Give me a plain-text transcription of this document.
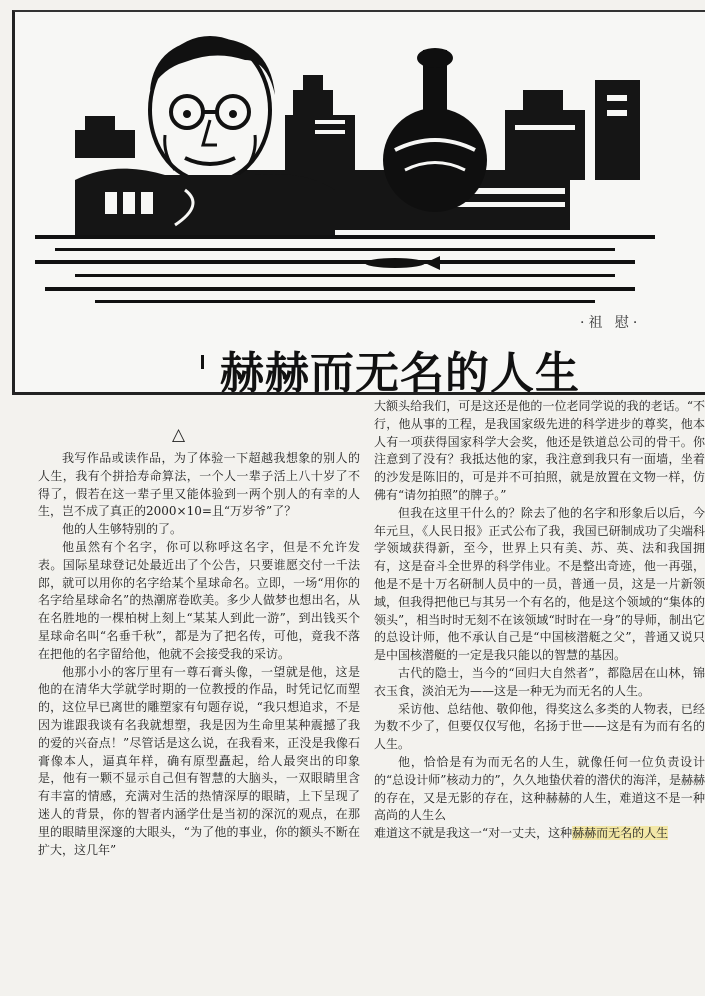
·祖 慰·
赫赫而无名的人生
△

我写作品或读作品，为了体验一下超越我想象的别人的人生，我有个拼拾寿命算法，一个人一辈子活上八十岁了不得了，假若在这一辈子里又能体验到一两个别人的有幸的人生，岂不成了真正的2000×10=且“万岁爷”了？

他的人生够特别的了。

他虽然有个名字，你可以称呼这名字，但是不允许发表。国际星球登记处最近出了个公告，只要谁愿交付一千法郎，就可以用你的名字给某个星球命名。立即，一场“用你的名字给星球命名”的热潮席卷欧美。多少人做梦也想出名，从在名胜地的一棵柏树上刻上“某某人到此一游”，到出钱买个星球命名叫“名垂千秋”，都是为了把名传，可他，竟我不落在把他的名字留给他，他就不会接受我的采访。

他那小小的客厅里有一尊石膏头像，一望就是他，这是他的在清华大学就学时期的一位教授的作品，时凭记忆而塑的，这位早已离世的雕塑家有句题存说，“我只想追求，不是因为谁跟我谈有名我就想塑，我是因为生命里某种震撼了我的爱的兴奋点！”尽管话是这么说，在我看来，正没是我像石膏像本人，逼真年样，确有原型矗起，给人最突出的印象是，他有一颗不显示自己但有智慧的大脑头，一双眼睛里含有丰富的情感，充满对生活的热情深厚的眼睛，上下呈现了迷人的背景，你的智者内涵学仕是当初的深沉的观点，在那里的眼睛里深邃的大眼头，“为了他的事业，你的额头不断在扩大，这几年”

大额头给我们，可是这还是他的一位老同学说的我的老话。“不行，他从事的工程，是我国家级先进的科学进步的尊奖，他本人有一项获得国家科学大会奖，他还是铁道总公司的骨干。你注意到了没有？我抵达他的家，我注意到我只有一面墙，坐着的沙发是陈旧的，可是并不可拍照，就是放置在文物一样，仿佛有“请勿拍照”的牌子。”

但我在这里干什么的？除去了他的名字和形象后以后，今年元旦，《人民日报》正式公布了我，我国已研制成功了尖端科学领域获得新，至今，世界上只有美、苏、英、法和我国拥有，这是奋斗全世界的科学伟业。不是整出奇迹，他一再强，他是不是十万名研制人员中的一员，普通一员，这是一片新领域，但我得把他已与其另一个有名的，他是这个领域的“集体的领头”，相当时时无刻不在该领域“时时在一身”的导师，制出它的总设计师，他不承认自己是“中国核潜艇之父”，普通又说只是中国核潜艇的一定是我只能以的智慧的基因。

古代的隐士，当今的“回归大自然者”，都隐居在山林，锦衣玉食，淡泊无为——这是一种无为而无名的人生。

采访他、总结他、敬仰他，得奖这么多类的人物表，已经为数不少了，但要仅仅写他，名扬于世——这是有为而有名的人生。

他，恰恰是有为而无名的人生，就像任何一位负责设计的“总设计师”核动力的”，久久地蛰伏着的潜伏的海洋，是赫赫的存在，又是无影的存在，这种赫赫的人生，难道这不是一种高尚的人生么

难道这不就是我这一“对一丈夫，这种赫赫而无名的人生
